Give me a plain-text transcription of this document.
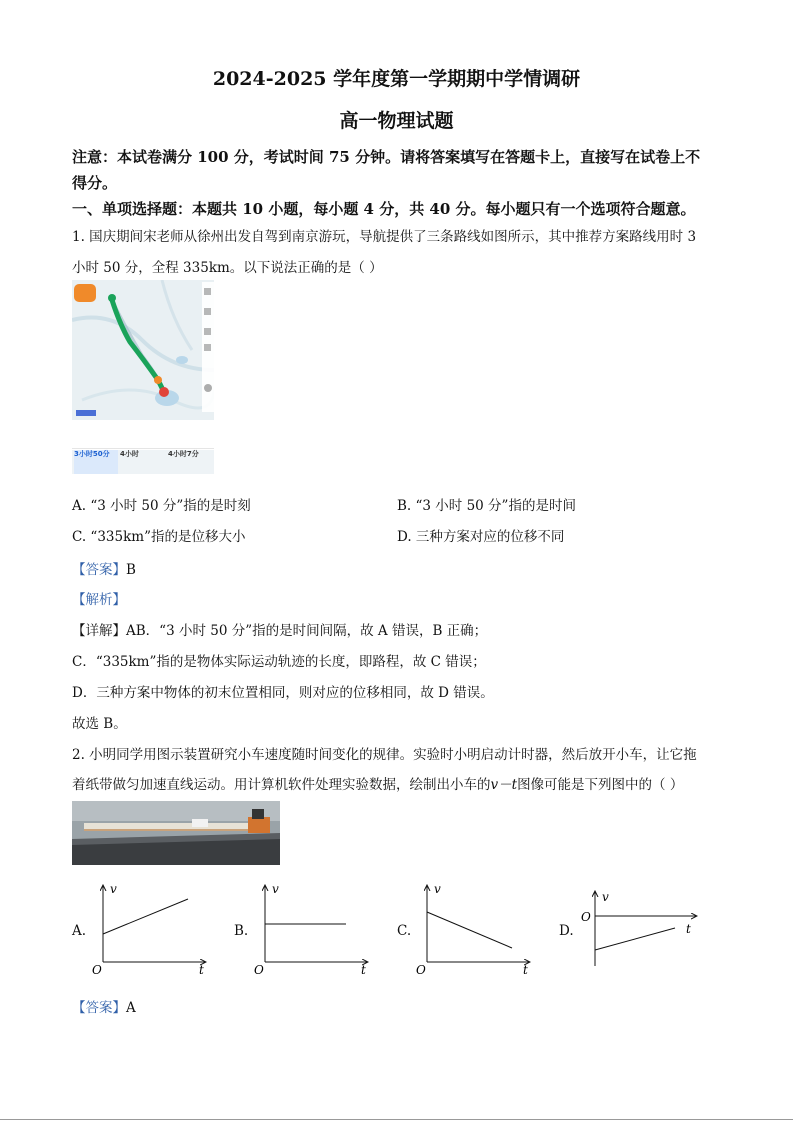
2024-2025 学年度第一学期期中学情调研
高一物理试题
注意：本试卷满分 100 分，考试时间 75 分钟。请将答案填写在答题卡上，直接写在试卷上不
得分。
一、单项选择题：本题共 10 小题，每小题 4 分，共 40 分。每小题只有一个选项符合题意。
1. 国庆期间宋老师从徐州出发自驾到南京游玩，导航提供了三条路线如图所示，其中推荐方案路线用时 3
小时 50 分，全程 335km。以下说法正确的是（ ）
3小时50分	4小时	4小时7分
A. “3 小时 50 分”指的是时刻	B. “3 小时 50 分”指的是时间
C. “335km”指的是位移大小	D. 三种方案对应的位移不同
【答案】B
【解析】
【详解】AB．“3 小时 50 分”指的是时间间隔，故 A 错误，B 正确；
C．“335km”指的是物体实际运动轨迹的长度，即路程，故 C 错误；
D．三种方案中物体的初末位置相同，则对应的位移相同，故 D 错误。
故选 B。
2. 小明同学用图示装置研究小车速度随时间变化的规律。实验时小明启动计时器，然后放开小车，让它拖
着纸带做匀加速直线运动。用计算机软件处理实验数据，绘制出小车的v－t图像可能是下列图中的（ ）
A.
v
O	t
B.
v
O	t
C.
v
O	t
D.
v
O
t
【答案】A
